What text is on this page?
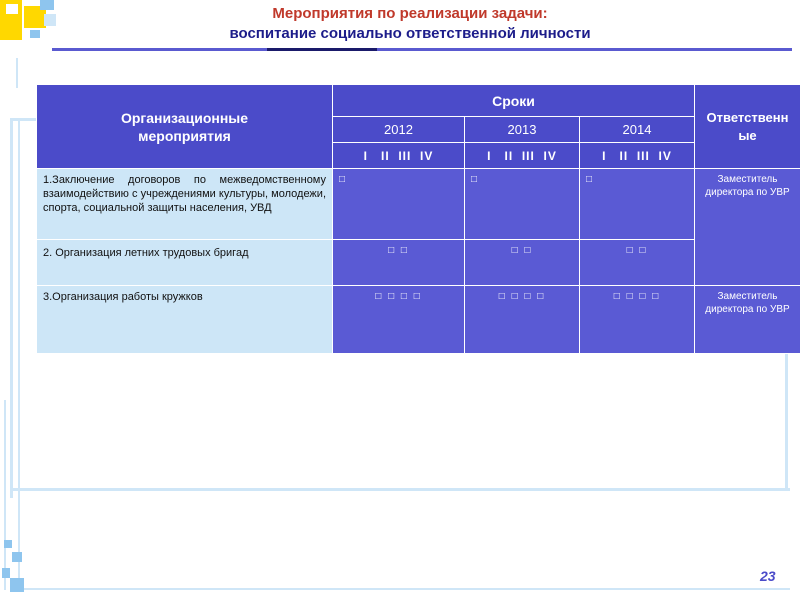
Мероприятия по реализации задачи:
воспитание социально ответственной личности
Организационные мероприятия	Сроки			Ответственные
	2012	2013	2014	
	I   II  III  IV	I   II  III  IV	I   II  III  IV	
1.Заключение договоров по межведомственному взаимодействию с учреждениями культуры, молодежи, спорта, социальной защиты населения, УВД	□	□	□	Заместитель директора по УВР
2. Организация летних трудовых бригад	□ □	□ □	□ □	
3.Организация работы кружков	□ □ □ □	□ □ □ □	□ □ □ □	Заместитель директора по УВР
23
